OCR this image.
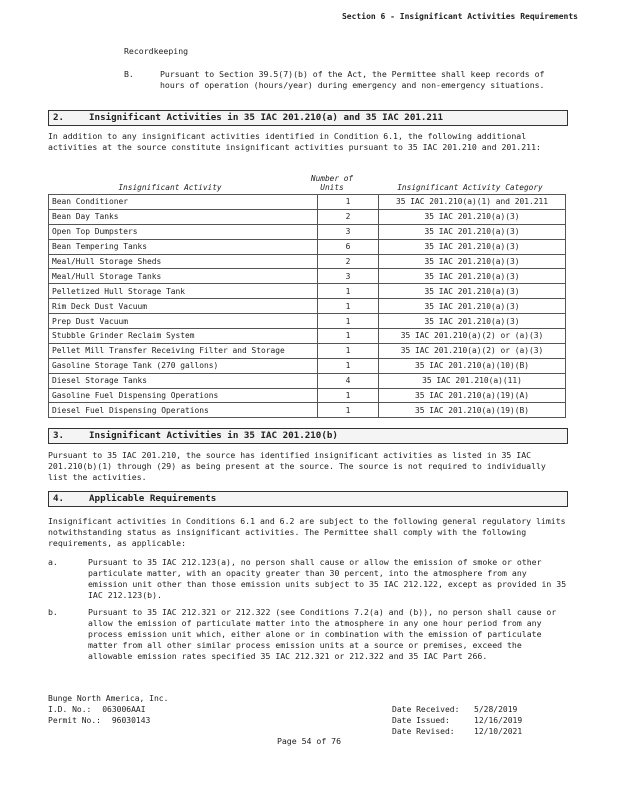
Section 6 - Insignificant Activities Requirements
Recordkeeping
B.	Pursuant to Section 39.5(7)(b) of the Act, the Permittee shall keep records of hours of operation (hours/year) during emergency and non-emergency situations.
2.	Insignificant Activities in 35 IAC 201.210(a) and 35 IAC 201.211
In addition to any insignificant activities identified in Condition 6.1, the following additional activities at the source constitute insignificant activities pursuant to 35 IAC 201.210 and 201.211:
Insignificant Activity
Number of
Units	Insignificant Activity Category
Bean Conditioner	1	35 IAC 201.210(a)(1) and 201.211
Bean Day Tanks	2	35 IAC 201.210(a)(3)
Open Top Dumpsters	3	35 IAC 201.210(a)(3)
Bean Tempering Tanks	6	35 IAC 201.210(a)(3)
Meal/Hull Storage Sheds	2	35 IAC 201.210(a)(3)
Meal/Hull Storage Tanks	3	35 IAC 201.210(a)(3)
Pelletized Hull Storage Tank	1	35 IAC 201.210(a)(3)
Rim Deck Dust Vacuum	1	35 IAC 201.210(a)(3)
Prep Dust Vacuum	1	35 IAC 201.210(a)(3)
Stubble Grinder Reclaim System	1	35 IAC 201.210(a)(2) or (a)(3)
Pellet Mill Transfer Receiving Filter and Storage	1	35 IAC 201.210(a)(2) or (a)(3)
Gasoline Storage Tank (270 gallons)	1	35 IAC 201.210(a)(10)(B)
Diesel Storage Tanks	4	35 IAC 201.210(a)(11)
Gasoline Fuel Dispensing Operations	1	35 IAC 201.210(a)(19)(A)
Diesel Fuel Dispensing Operations	1	35 IAC 201.210(a)(19)(B)
3.	Insignificant Activities in 35 IAC 201.210(b)
Pursuant to 35 IAC 201.210, the source has identified insignificant activities as listed in 35 IAC 201.210(b)(1) through (29) as being present at the source. The source is not required to individually list the activities.
4.	Applicable Requirements
Insignificant activities in Conditions 6.1 and 6.2 are subject to the following general regulatory limits notwithstanding status as insignificant activities. The Permittee shall comply with the following requirements, as applicable:
a.	Pursuant to 35 IAC 212.123(a), no person shall cause or allow the emission of smoke or other particulate matter, with an opacity greater than 30 percent, into the atmosphere from any emission unit other than those emission units subject to 35 IAC 212.122, except as provided in 35 IAC 212.123(b).
b.	Pursuant to 35 IAC 212.321 or 212.322 (see Conditions 7.2(a) and (b)), no person shall cause or allow the emission of particulate matter into the atmosphere in any one hour period from any process emission unit which, either alone or in combination with the emission of particulate matter from all other similar process emission units at a source or premises, exceed the allowable emission rates specified 35 IAC 212.321 or 212.322 and 35 IAC Part 266.
Bunge North America, Inc.
I.D. No.: 063006AAI
Permit No.: 96030143
Date Received: 5/28/2019
Date Issued:	12/16/2019
Date Revised: 12/10/2021
Page 54 of 76
